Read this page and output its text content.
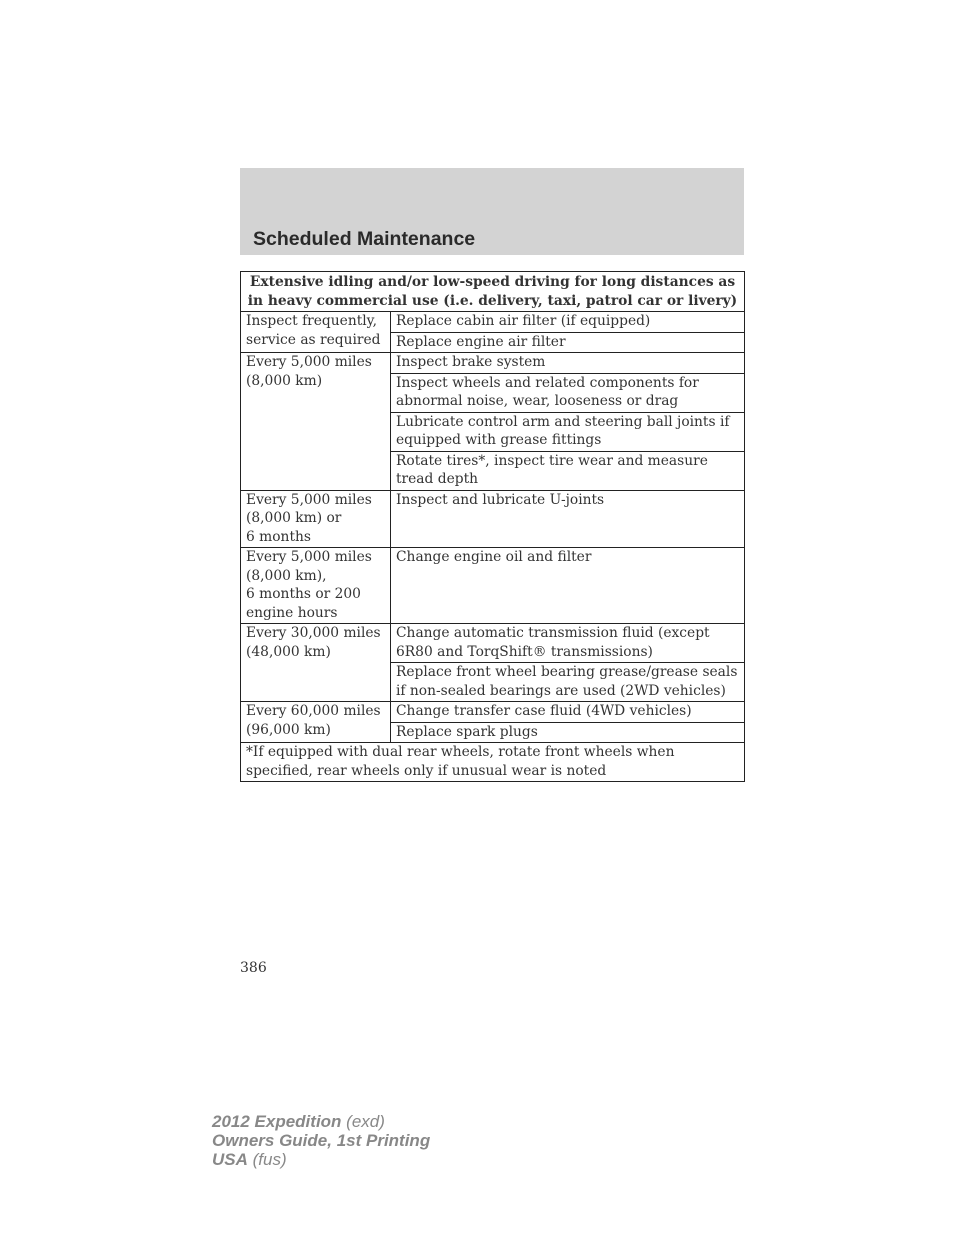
Scheduled Maintenance
Extensive idling and/or low-speed driving for long distances as in heavy commercial use (i.e. delivery, taxi, patrol car or livery)	
Inspect frequently,
service as required	Replace cabin air filter (if equipped)
	Replace engine air filter
Every 5,000 miles
(8,000 km)	Inspect brake system
	Inspect wheels and related components for abnormal noise, wear, looseness or drag
	Lubricate control arm and steering ball joints if equipped with grease fittings
	Rotate tires*, inspect tire wear and measure tread depth
Every 5,000 miles
(8,000 km) or
6 months	Inspect and lubricate U-joints
Every 5,000 miles
(8,000 km),
6 months or 200
engine hours	Change engine oil and filter
Every 30,000 miles
(48,000 km)	Change automatic transmission fluid (except 6R80 and TorqShift® transmissions)
	Replace front wheel bearing grease/grease seals if non-sealed bearings are used (2WD vehicles)
Every 60,000 miles
(96,000 km)	Change transfer case fluid (4WD vehicles)
	Replace spark plugs
*If equipped with dual rear wheels, rotate front wheels when specified, rear wheels only if unusual wear is noted	
386
2012 Expedition (exd)
Owners Guide, 1st Printing
USA (fus)
